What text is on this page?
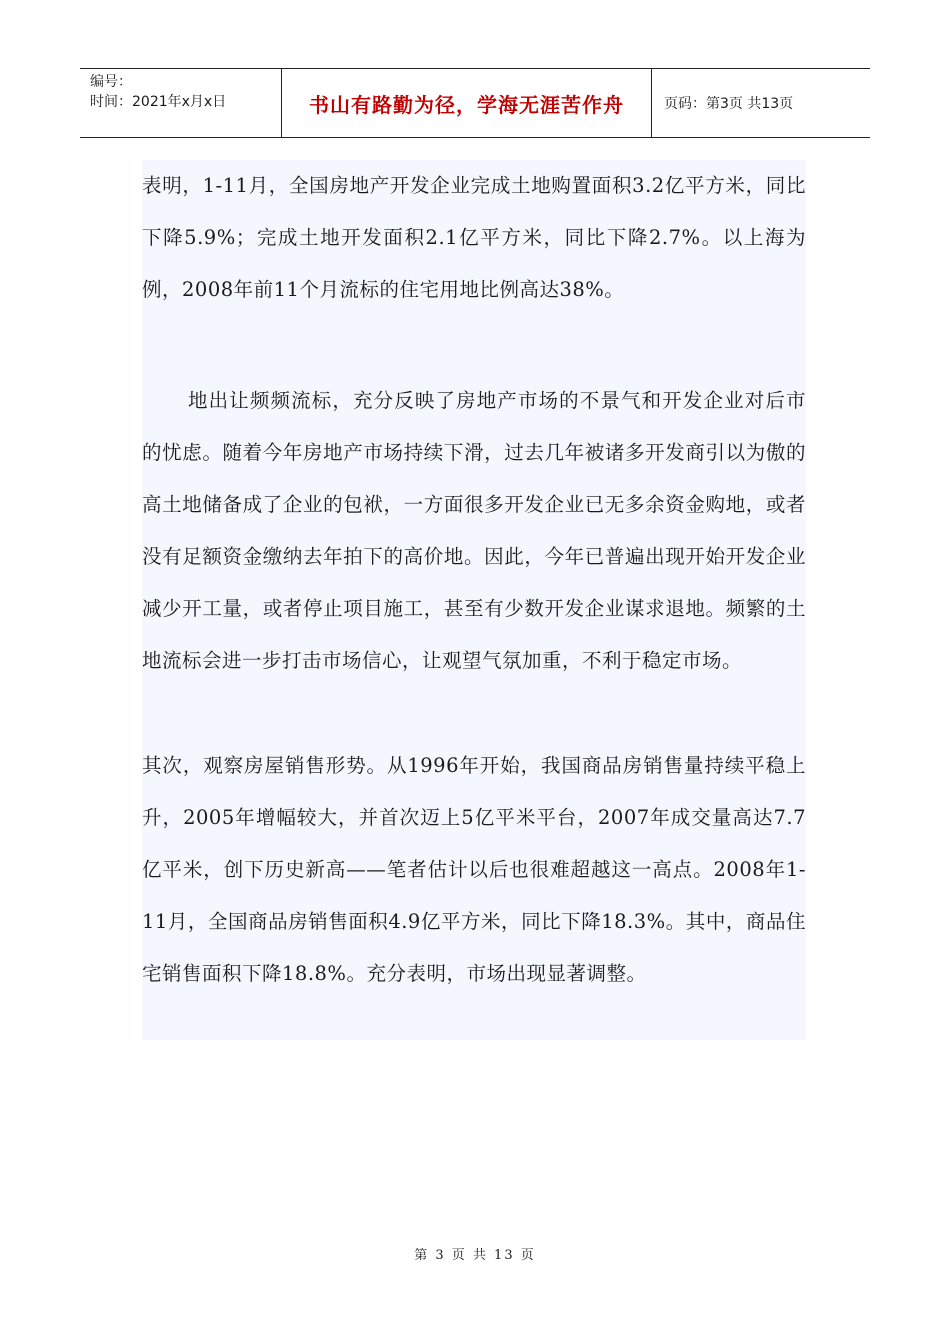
编号：
时间：2021年x月x日	书山有路勤为径，学海无涯苦作舟	页码：第3页 共13页

表明，1-11月，全国房地产开发企业完成土地购置面积3.2亿平方米，同比下降5.9%；完成土地开发面积2.1亿平方米，同比下降2.7%。以上海为例，2008年前11个月流标的住宅用地比例高达38%。

地出让频频流标，充分反映了房地产市场的不景气和开发企业对后市的忧虑。随着今年房地产市场持续下滑，过去几年被诸多开发商引以为傲的高土地储备成了企业的包袱，一方面很多开发企业已无多余资金购地，或者没有足额资金缴纳去年拍下的高价地。因此，今年已普遍出现开始开发企业减少开工量，或者停止项目施工，甚至有少数开发企业谋求退地。频繁的土地流标会进一步打击市场信心，让观望气氛加重，不利于稳定市场。

其次，观察房屋销售形势。从1996年开始，我国商品房销售量持续平稳上升，2005年增幅较大，并首次迈上5亿平米平台，2007年成交量高达7.7亿平米，创下历史新高——笔者估计以后也很难超越这一高点。2008年1-11月，全国商品房销售面积4.9亿平方米，同比下降18.3%。其中，商品住宅销售面积下降18.8%。充分表明，市场出现显著调整。

第 3 页 共 13 页
